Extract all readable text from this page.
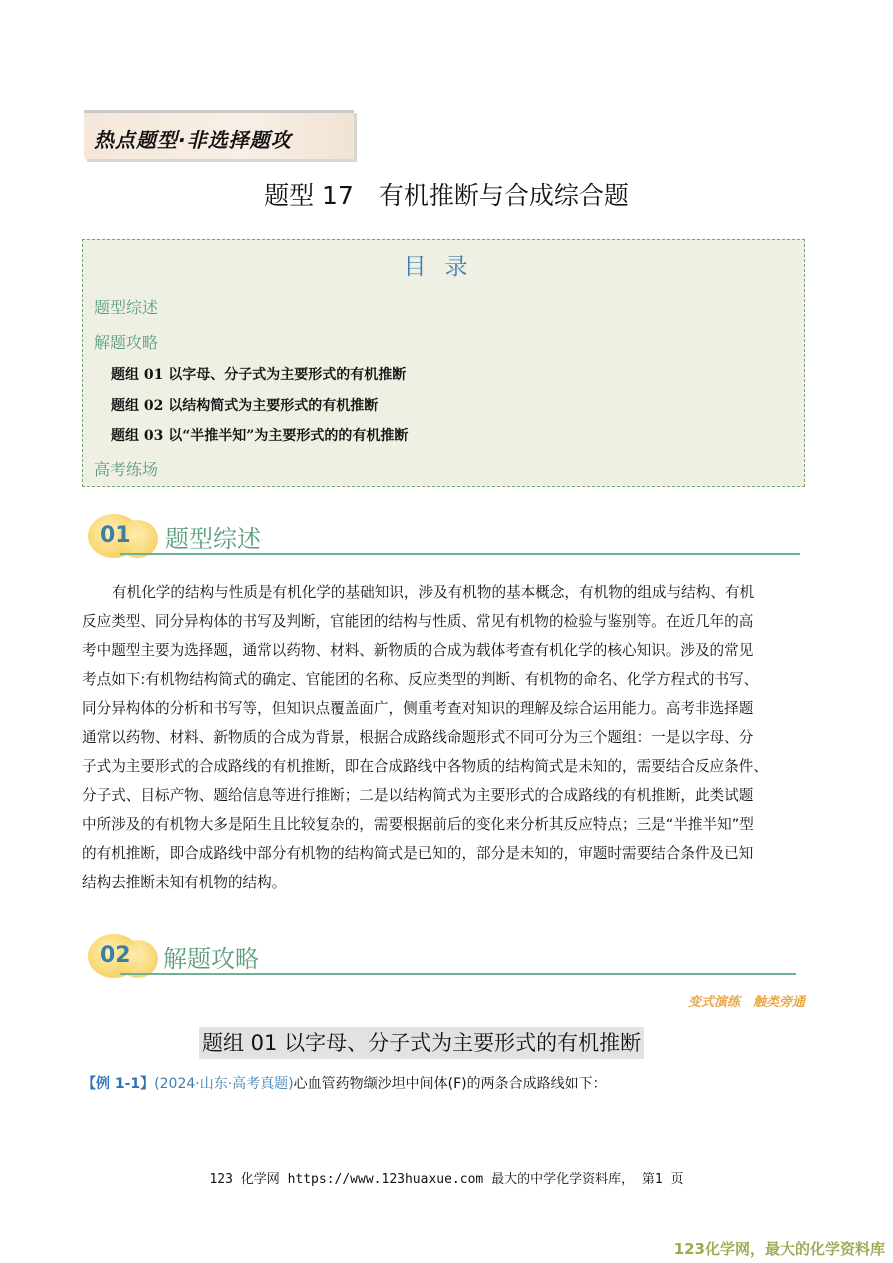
热点题型·非选择题攻
题型 17　有机推断与合成综合题
目录
题型综述
解题攻略
题组 01 以字母、分子式为主要形式的有机推断
题组 02 以结构简式为主要形式的有机推断
题组 03 以“半推半知”为主要形式的的有机推断
高考练场
01 题型综述
有机化学的结构与性质是有机化学的基础知识，涉及有机物的基本概念，有机物的组成与结构、有机
反应类型、同分异构体的书写及判断，官能团的结构与性质、常见有机物的检验与鉴别等。在近几年的高
考中题型主要为选择题，通常以药物、材料、新物质的合成为载体考查有机化学的核心知识。涉及的常见
考点如下:有机物结构简式的确定、官能团的名称、反应类型的判断、有机物的命名、化学方程式的书写、
同分异构体的分析和书写等，但知识点覆盖面广，侧重考查对知识的理解及综合运用能力。高考非选择题
通常以药物、材料、新物质的合成为背景，根据合成路线命题形式不同可分为三个题组：一是以字母、分
子式为主要形式的合成路线的有机推断，即在合成路线中各物质的结构简式是未知的，需要结合反应条件、
分子式、目标产物、题给信息等进行推断；二是以结构简式为主要形式的合成路线的有机推断，此类试题
中所涉及的有机物大多是陌生且比较复杂的，需要根据前后的变化来分析其反应特点；三是“半推半知”型
的有机推断，即合成路线中部分有机物的结构简式是已知的，部分是未知的，审题时需要结合条件及已知
结构去推断未知有机物的结构。
02 解题攻略
变式演练　触类旁通
题组 01 以字母、分子式为主要形式的有机推断
【例 1-1】(2024·山东·高考真题)心血管药物缬沙坦中间体(F)的两条合成路线如下：
123 化学网 https://www.123huaxue.com 最大的中学化学资料库， 第1 页
123化学网，最大的化学资料库
